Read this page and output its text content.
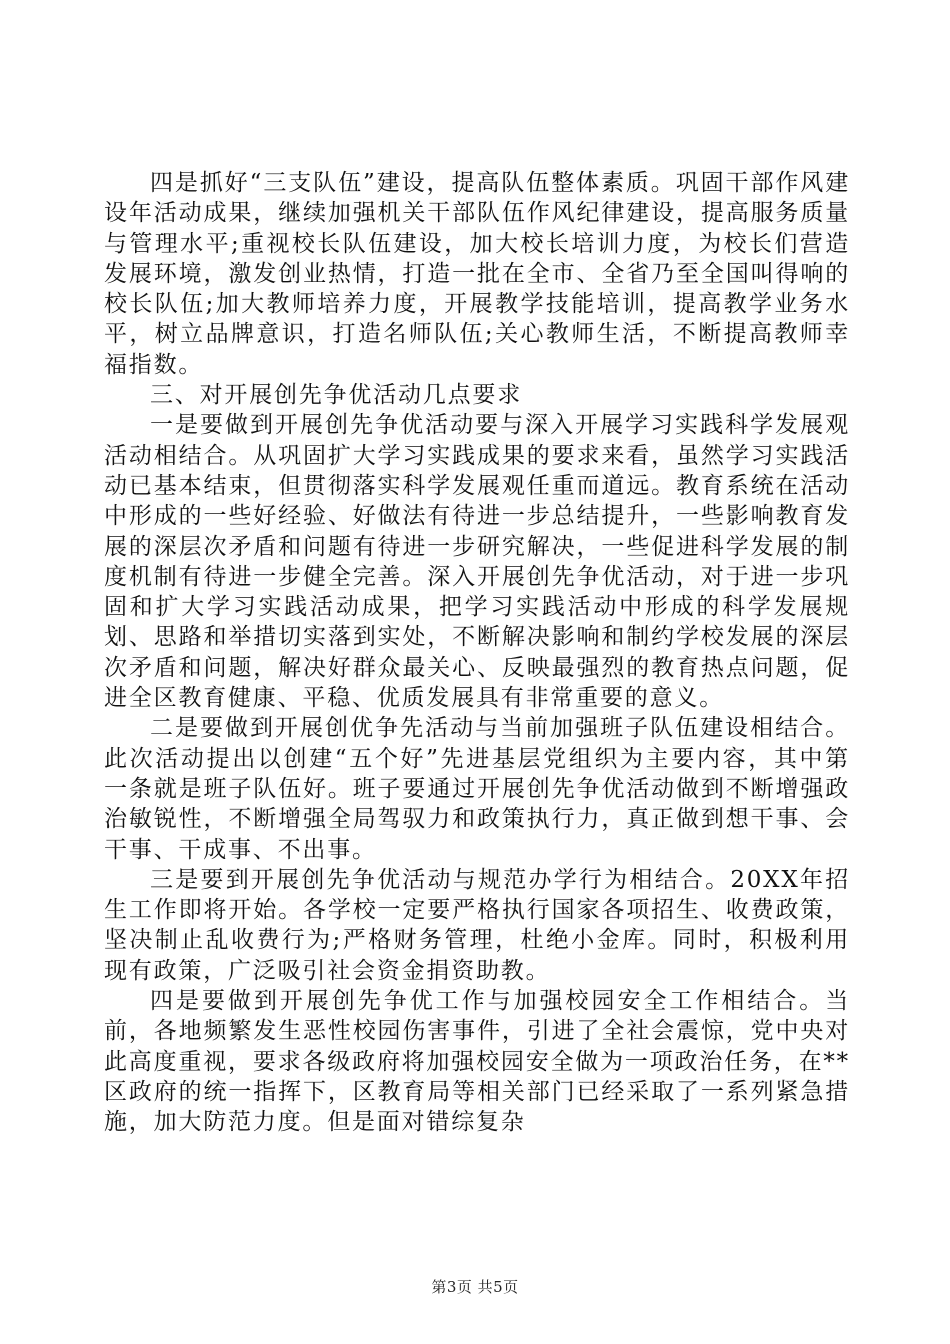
四是抓好“三支队伍”建设，提高队伍整体素质。巩固干部作风建设年活动成果，继续加强机关干部队伍作风纪律建设，提高服务质量与管理水平;重视校长队伍建设，加大校长培训力度，为校长们营造发展环境，激发创业热情，打造一批在全市、全省乃至全国叫得响的校长队伍;加大教师培养力度，开展教学技能培训，提高教学业务水平，树立品牌意识，打造名师队伍;关心教师生活，不断提高教师幸福指数。

三、对开展创先争优活动几点要求

一是要做到开展创先争优活动要与深入开展学习实践科学发展观活动相结合。从巩固扩大学习实践成果的要求来看，虽然学习实践活动已基本结束，但贯彻落实科学发展观任重而道远。教育系统在活动中形成的一些好经验、好做法有待进一步总结提升，一些影响教育发展的深层次矛盾和问题有待进一步研究解决，一些促进科学发展的制度机制有待进一步健全完善。深入开展创先争优活动，对于进一步巩固和扩大学习实践活动成果，把学习实践活动中形成的科学发展规划、思路和举措切实落到实处，不断解决影响和制约学校发展的深层次矛盾和问题，解决好群众最关心、反映最强烈的教育热点问题，促进全区教育健康、平稳、优质发展具有非常重要的意义。

二是要做到开展创优争先活动与当前加强班子队伍建设相结合。此次活动提出以创建“五个好”先进基层党组织为主要内容，其中第一条就是班子队伍好。班子要通过开展创先争优活动做到不断增强政治敏锐性，不断增强全局驾驭力和政策执行力，真正做到想干事、会干事、干成事、不出事。

三是要到开展创先争优活动与规范办学行为相结合。20XX年招生工作即将开始。各学校一定要严格执行国家各项招生、收费政策，坚决制止乱收费行为;严格财务管理，杜绝小金库。同时，积极利用现有政策，广泛吸引社会资金捐资助教。

四是要做到开展创先争优工作与加强校园安全工作相结合。当前，各地频繁发生恶性校园伤害事件，引进了全社会震惊，党中央对此高度重视，要求各级政府将加强校园安全做为一项政治任务，在**区政府的统一指挥下，区教育局等相关部门已经采取了一系列紧急措施，加大防范力度。但是面对错综复杂

第3页 共5页
